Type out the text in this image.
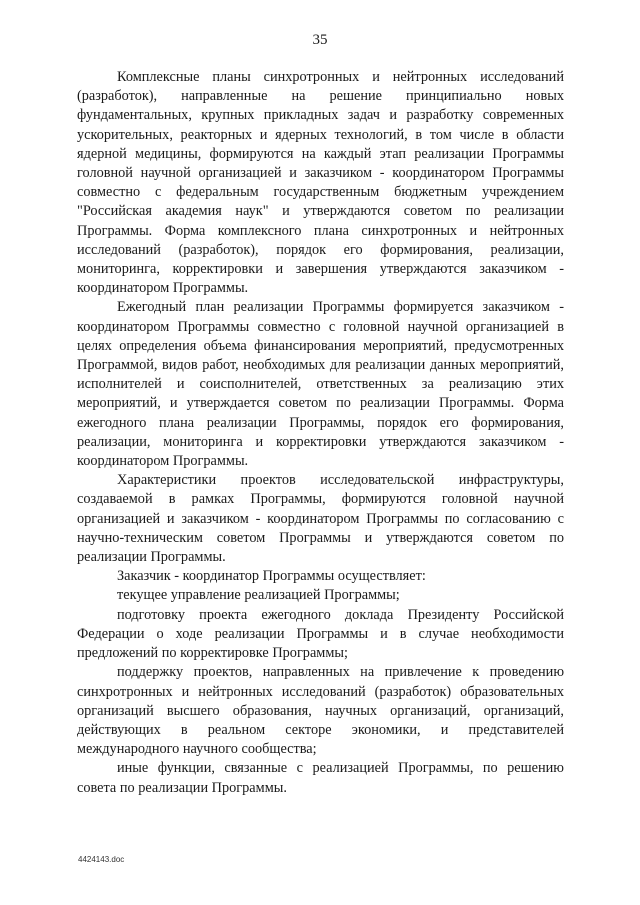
35

Комплексные планы синхротронных и нейтронных исследований (разработок), направленные на решение принципиально новых фундаментальных, крупных прикладных задач и разработку современных ускорительных, реакторных и ядерных технологий, в том числе в области ядерной медицины, формируются на каждый этап реализации Программы головной научной организацией и заказчиком - координатором Программы совместно с федеральным государственным бюджетным учреждением "Российская академия наук" и утверждаются советом по реализации Программы. Форма комплексного плана синхротронных и нейтронных исследований (разработок), порядок его формирования, реализации, мониторинга, корректировки и завершения утверждаются заказчиком - координатором Программы.

Ежегодный план реализации Программы формируется заказчиком - координатором Программы совместно с головной научной организацией в целях определения объема финансирования мероприятий, предусмотренных Программой, видов работ, необходимых для реализации данных мероприятий, исполнителей и соисполнителей, ответственных за реализацию этих мероприятий, и утверждается советом по реализации Программы. Форма ежегодного плана реализации Программы, порядок его формирования, реализации, мониторинга и корректировки утверждаются заказчиком - координатором Программы.

Характеристики проектов исследовательской инфраструктуры, создаваемой в рамках Программы, формируются головной научной организацией и заказчиком - координатором Программы по согласованию с научно-техническим советом Программы и утверждаются советом по реализации Программы.

Заказчик - координатор Программы осуществляет:

текущее управление реализацией Программы;

подготовку проекта ежегодного доклада Президенту Российской Федерации о ходе реализации Программы и в случае необходимости предложений по корректировке Программы;

поддержку проектов, направленных на привлечение к проведению синхротронных и нейтронных исследований (разработок) образовательных организаций высшего образования, научных организаций, организаций, действующих в реальном секторе экономики, и представителей международного научного сообщества;

иные функции, связанные с реализацией Программы, по решению совета по реализации Программы.

4424143.doc
